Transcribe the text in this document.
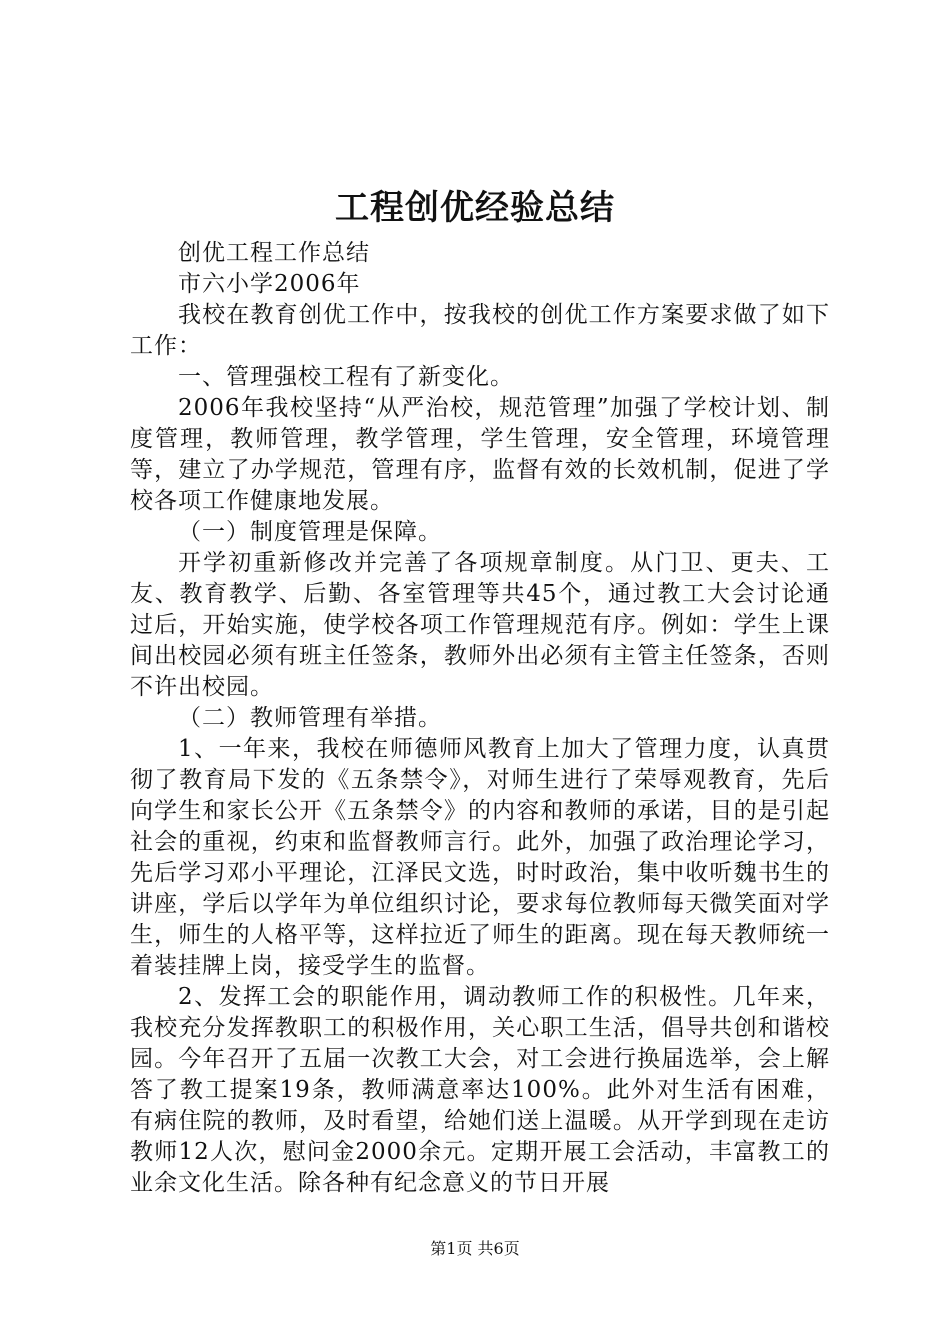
工程创优经验总结

创优工程工作总结

市六小学2006年

我校在教育创优工作中，按我校的创优工作方案要求做了如下工作：

一、管理强校工程有了新变化。

2006年我校坚持“从严治校，规范管理”加强了学校计划、制度管理，教师管理，教学管理，学生管理，安全管理，环境管理等，建立了办学规范，管理有序，监督有效的长效机制，促进了学校各项工作健康地发展。

（一）制度管理是保障。

开学初重新修改并完善了各项规章制度。从门卫、更夫、工友、教育教学、后勤、各室管理等共45个，通过教工大会讨论通过后，开始实施，使学校各项工作管理规范有序。例如：学生上课间出校园必须有班主任签条，教师外出必须有主管主任签条，否则不许出校园。

（二）教师管理有举措。

1、一年来，我校在师德师风教育上加大了管理力度，认真贯彻了教育局下发的《五条禁令》，对师生进行了荣辱观教育，先后向学生和家长公开《五条禁令》的内容和教师的承诺，目的是引起社会的重视，约束和监督教师言行。此外，加强了政治理论学习，先后学习邓小平理论，江泽民文选，时时政治，集中收听魏书生的讲座，学后以学年为单位组织讨论，要求每位教师每天微笑面对学生，师生的人格平等，这样拉近了师生的距离。现在每天教师统一着装挂牌上岗，接受学生的监督。

2、发挥工会的职能作用，调动教师工作的积极性。几年来，我校充分发挥教职工的积极作用，关心职工生活，倡导共创和谐校园。今年召开了五届一次教工大会，对工会进行换届选举，会上解答了教工提案19条，教师满意率达100%。此外对生活有困难，有病住院的教师，及时看望，给她们送上温暖。从开学到现在走访教师12人次，慰问金2000余元。定期开展工会活动，丰富教工的业余文化生活。除各种有纪念意义的节日开展

第1页 共6页
